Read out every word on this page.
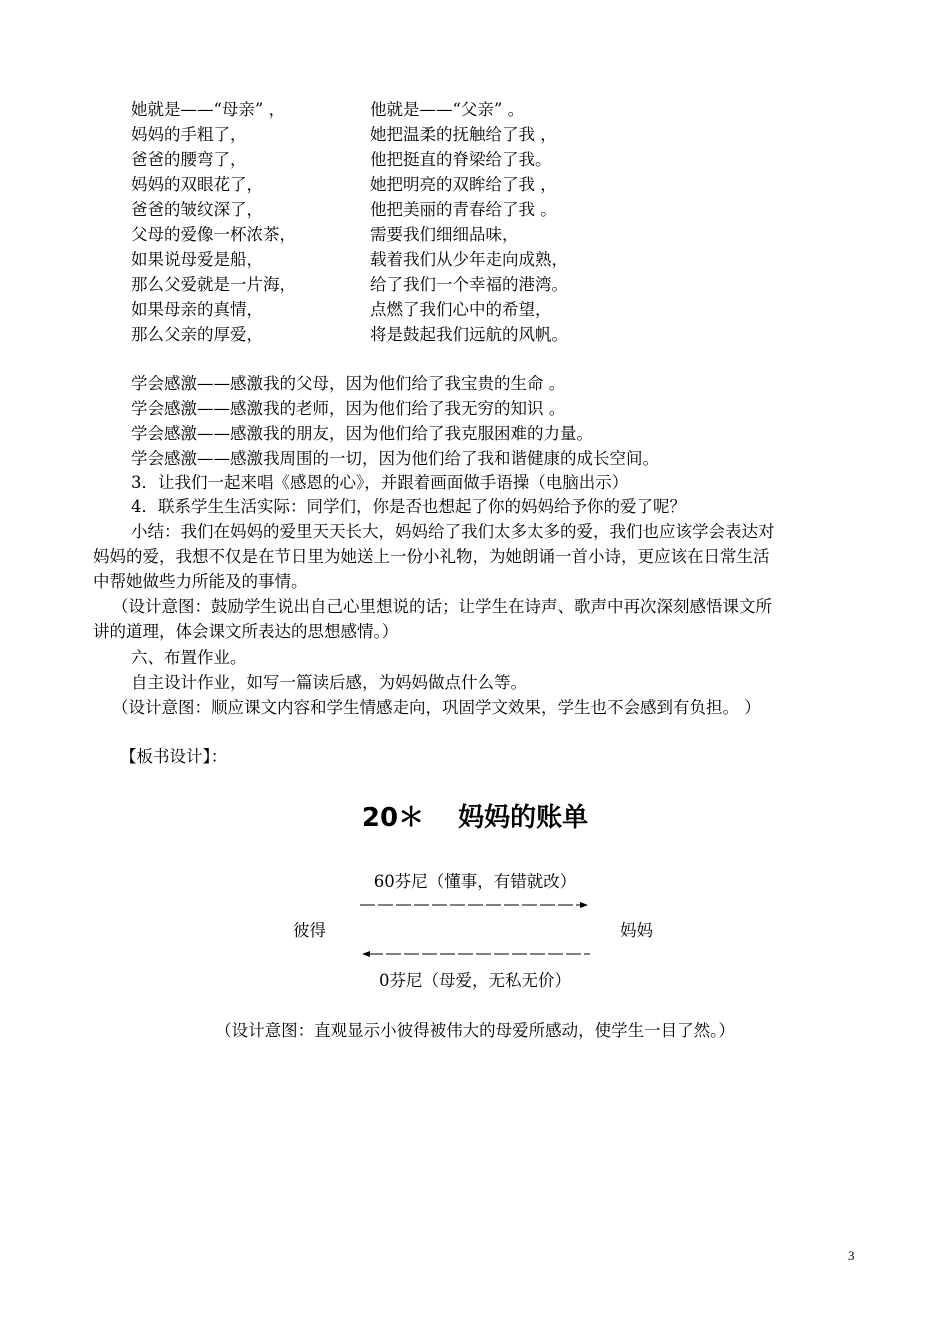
她就是——“母亲” ，
妈妈的手粗了，
爸爸的腰弯了，
妈妈的双眼花了，
爸爸的皱纹深了，
父母的爱像一杯浓茶，
如果说母爱是船，
那么父爱就是一片海，
如果母亲的真情，
那么父亲的厚爱，
他就是——“父亲” 。
她把温柔的抚触给了我 ，
他把挺直的脊梁给了我。
她把明亮的双眸给了我 ，
他把美丽的青春给了我 。
需要我们细细品味，
载着我们从少年走向成熟，
给了我们一个幸福的港湾。
点燃了我们心中的希望，
将是鼓起我们远航的风帆。
学会感激——感激我的父母，因为他们给了我宝贵的生命 。
学会感激——感激我的老师，因为他们给了我无穷的知识 。
学会感激——感激我的朋友，因为他们给了我克服困难的力量。
学会感激——感激我周围的一切，因为他们给了我和谐健康的成长空间。
3．让我们一起来唱《感恩的心》，并跟着画面做手语操（电脑出示）
4．联系学生生活实际：同学们，你是否也想起了你的妈妈给予你的爱了呢？
小结：我们在妈妈的爱里天天长大，妈妈给了我们太多太多的爱，我们也应该学会表达对
妈妈的爱，我想不仅是在节日里为她送上一份小礼物，为她朗诵一首小诗，更应该在日常生活
中帮她做些力所能及的事情。
（设计意图：鼓励学生说出自己心里想说的话；让学生在诗声、歌声中再次深刻感悟课文所
讲的道理，体会课文所表达的思想感情。）
六、布置作业。
自主设计作业，如写一篇读后感，为妈妈做点什么等。
（设计意图：顺应课文内容和学生情感走向，巩固学文效果，学生也不会感到有负担。 ）
【板书设计】：
20＊ 妈妈的账单
60芬尼（懂事，有错就改）
彼得	妈妈
0芬尼（母爱，无私无价）
（设计意图：直观显示小彼得被伟大的母爱所感动，使学生一目了然。）
3
